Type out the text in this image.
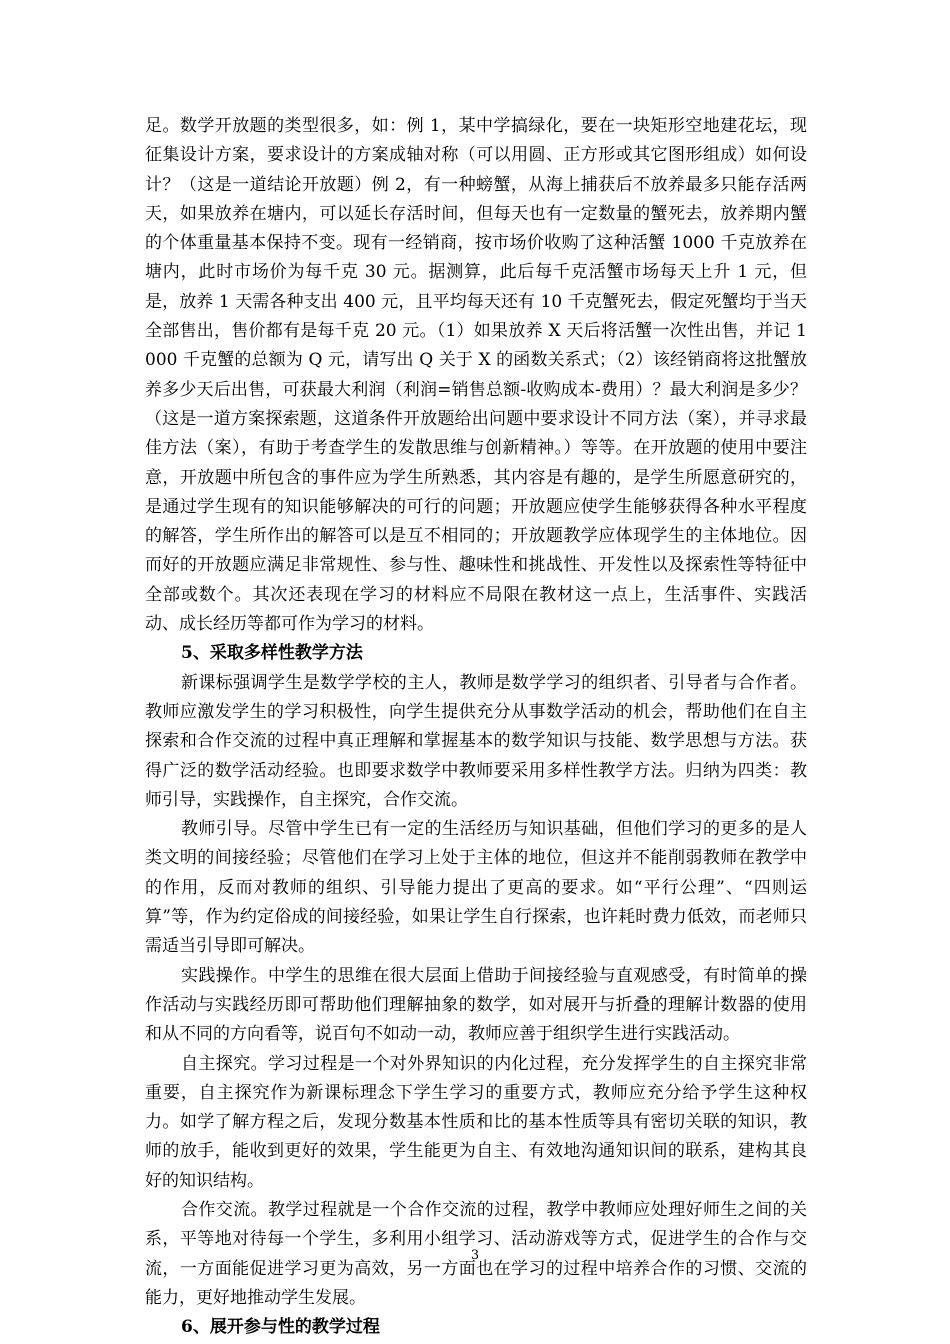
足。数学开放题的类型很多，如：例 1，某中学搞绿化，要在一块矩形空地建花坛，现征集设计方案，要求设计的方案成轴对称（可以用圆、正方形或其它图形组成）如何设计？（这是一道结论开放题）例 2，有一种螃蟹，从海上捕获后不放养最多只能存活两天，如果放养在塘内，可以延长存活时间，但每天也有一定数量的蟹死去，放养期内蟹的个体重量基本保持不变。现有一经销商，按市场价收购了这种活蟹 1000 千克放养在塘内，此时市场价为每千克 30 元。据测算，此后每千克活蟹市场每天上升 1 元，但是，放养 1 天需各种支出 400 元，且平均每天还有 10 千克蟹死去，假定死蟹均于当天全部售出，售价都有是每千克 20 元。（1）如果放养 X 天后将活蟹一次性出售，并记 1000 千克蟹的总额为 Q 元，请写出 Q 关于 X 的函数关系式；（2）该经销商将这批蟹放养多少天后出售，可获最大利润（利润=销售总额-收购成本-费用）？最大利润是多少？（这是一道方案探索题，这道条件开放题给出问题中要求设计不同方法（案），并寻求最佳方法（案），有助于考查学生的发散思维与创新精神。）等等。在开放题的使用中要注意，开放题中所包含的事件应为学生所熟悉，其内容是有趣的，是学生所愿意研究的，是通过学生现有的知识能够解决的可行的问题；开放题应使学生能够获得各种水平程度的解答，学生所作出的解答可以是互不相同的；开放题教学应体现学生的主体地位。因而好的开放题应满足非常规性、参与性、趣味性和挑战性、开发性以及探索性等特征中全部或数个。其次还表现在学习的材料应不局限在教材这一点上，生活事件、实践活动、成长经历等都可作为学习的材料。

5、采取多样性教学方法

新课标强调学生是数学学校的主人，教师是数学学习的组织者、引导者与合作者。教师应激发学生的学习积极性，向学生提供充分从事数学活动的机会，帮助他们在自主探索和合作交流的过程中真正理解和掌握基本的数学知识与技能、数学思想与方法。获得广泛的数学活动经验。也即要求数学中教师要采用多样性教学方法。归纳为四类：教师引导，实践操作，自主探究，合作交流。

教师引导。尽管中学生已有一定的生活经历与知识基础，但他们学习的更多的是人类文明的间接经验；尽管他们在学习上处于主体的地位，但这并不能削弱教师在教学中的作用，反而对教师的组织、引导能力提出了更高的要求。如“平行公理”、“四则运算”等，作为约定俗成的间接经验，如果让学生自行探索，也许耗时费力低效，而老师只需适当引导即可解决。

实践操作。中学生的思维在很大层面上借助于间接经验与直观感受，有时简单的操作活动与实践经历即可帮助他们理解抽象的数学，如对展开与折叠的理解计数器的使用和从不同的方向看等，说百句不如动一动，教师应善于组织学生进行实践活动。

自主探究。学习过程是一个对外界知识的内化过程，充分发挥学生的自主探究非常重要，自主探究作为新课标理念下学生学习的重要方式，教师应充分给予学生这种权力。如学了解方程之后，发现分数基本性质和比的基本性质等具有密切关联的知识，教师的放手，能收到更好的效果，学生能更为自主、有效地沟通知识间的联系，建构其良好的知识结构。

合作交流。教学过程就是一个合作交流的过程，教学中教师应处理好师生之间的关系，平等地对待每一个学生，多利用小组学习、活动游戏等方式，促进学生的合作与交流，一方面能促进学习更为高效，另一方面也在学习的过程中培养合作的习惯、交流的能力，更好地推动学生发展。

6、展开参与性的教学过程

3
